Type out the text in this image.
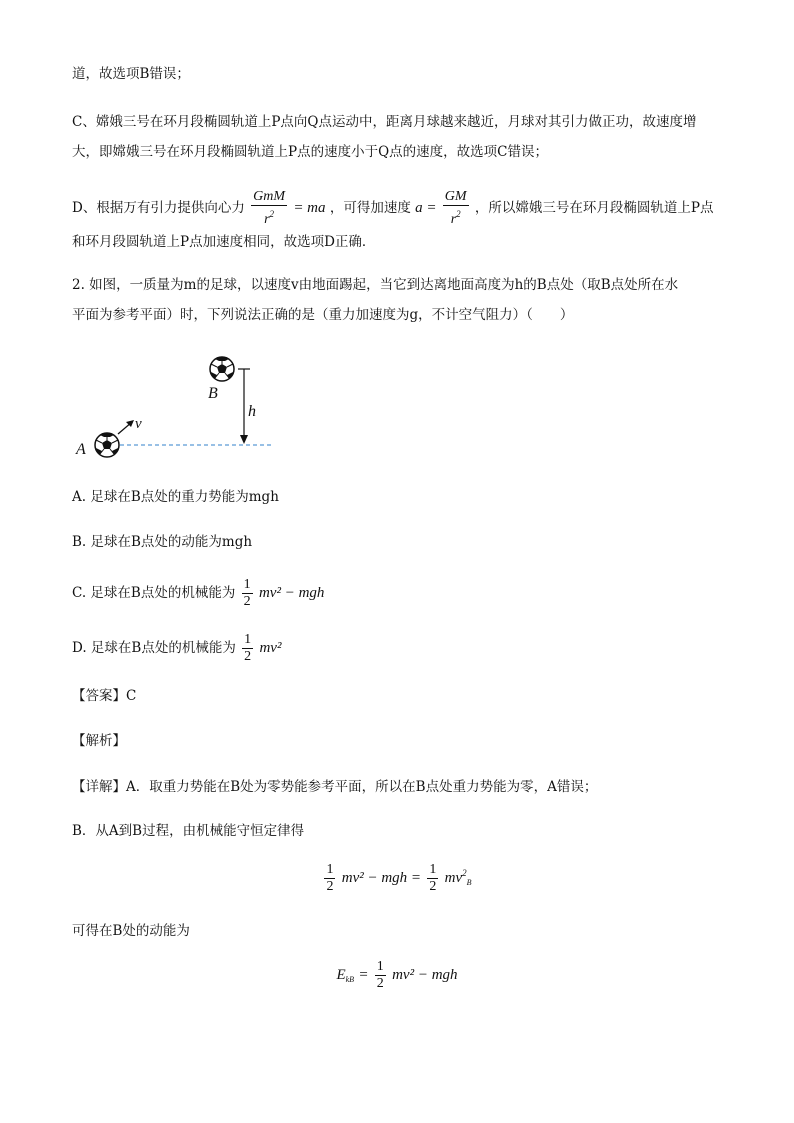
道，故选项B错误；
C、嫦娥三号在环月段椭圆轨道上P点向Q点运动中，距离月球越来越近，月球对其引力做正功，故速度增
大，即嫦娥三号在环月段椭圆轨道上P点的速度小于Q点的速度，故选项C错误；
D、根据万有引力提供向心力 $\frac{\text{GmM}}{r^2}$ = ma ，可得加速度 $a = \frac{GM}{r^2}$ ，所以嫦娥三号在环月段椭圆轨道上P点
和环月段圆轨道上P点加速度相同，故选项D正确．
2. 如图，一质量为m的足球，以速度v由地面踢起，当它到达离地面高度为h的B点处（取B点处所在水
平面为参考平面）时，下列说法正确的是（重力加速度为g，不计空气阻力）（　　）
v
A
B
h
A. 足球在B点处的重力势能为mgh
B. 足球在B点处的动能为mgh
C. 足球在B点处的机械能为 $\frac{1}{2} mv^2$ − mgh
D. 足球在B点处的机械能为 $\frac{1}{2} mv^2$
【答案】C
【解析】
【详解】A．取重力势能在B处为零势能参考平面，所以在B点处重力势能为零，A错误；
B．从A到B过程，由机械能守恒定律得
$\frac{1}{2} mv^2$ − mgh = $\frac{1}{2} mv^2_B$
可得在B处的动能为
$E_{kB} = \frac{1}{2} mv^2$ − mgh
